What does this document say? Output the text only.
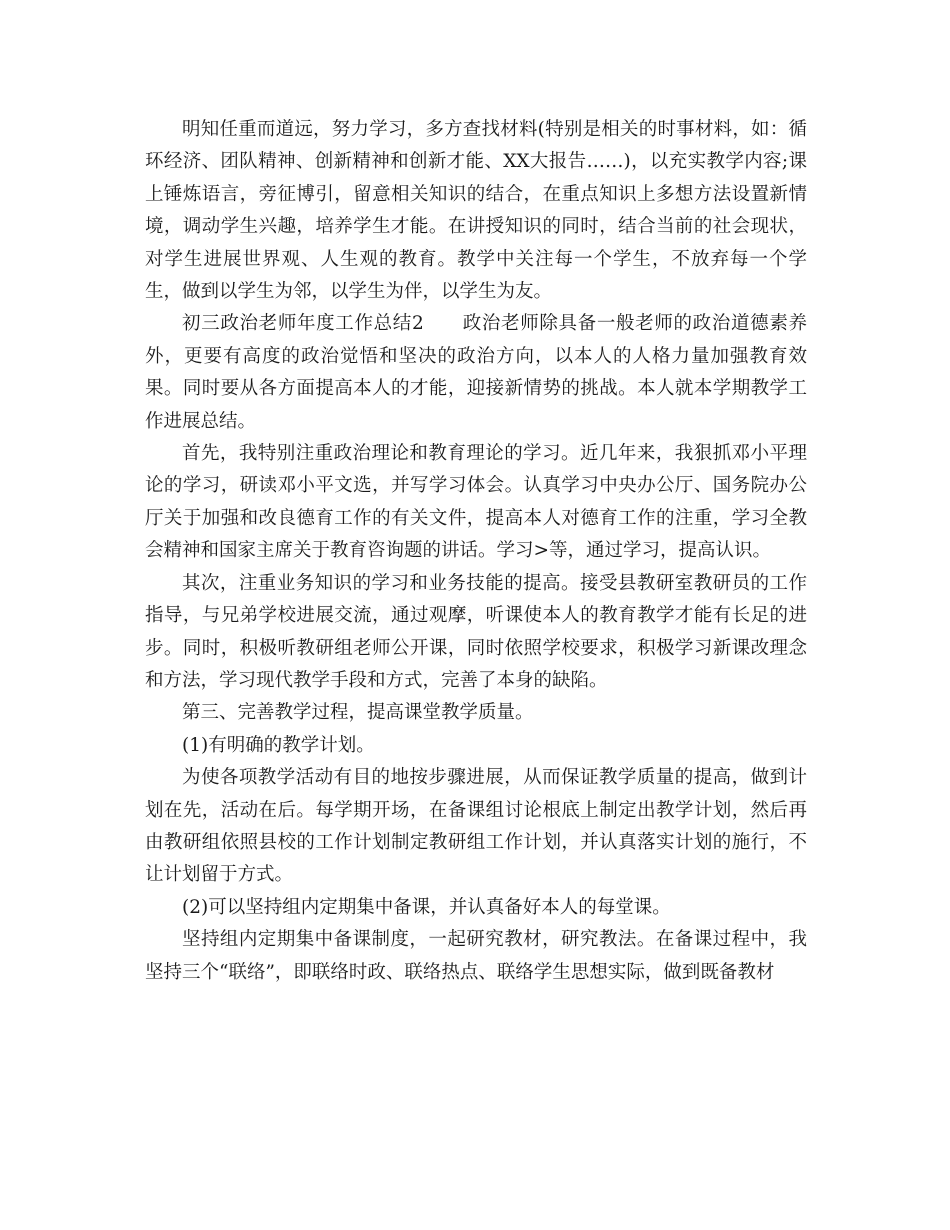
明知任重而道远，努力学习，多方查找材料(特别是相关的时事材料，如：循环经济、团队精神、创新精神和创新才能、XX大报告……)，以充实教学内容;课上锤炼语言，旁征博引，留意相关知识的结合，在重点知识上多想方法设置新情境，调动学生兴趣，培养学生才能。在讲授知识的同时，结合当前的社会现状，对学生进展世界观、人生观的教育。教学中关注每一个学生，不放弃每一个学生，做到以学生为邻，以学生为伴，以学生为友。

初三政治老师年度工作总结2　　政治老师除具备一般老师的政治道德素养外，更要有高度的政治觉悟和坚决的政治方向，以本人的人格力量加强教育效果。同时要从各方面提高本人的才能，迎接新情势的挑战。本人就本学期教学工作进展总结。

首先，我特别注重政治理论和教育理论的学习。近几年来，我狠抓邓小平理论的学习，研读邓小平文选，并写学习体会。认真学习中央办公厅、国务院办公厅关于加强和改良德育工作的有关文件，提高本人对德育工作的注重，学习全教会精神和国家主席关于教育咨询题的讲话。学习>等，通过学习，提高认识。

其次，注重业务知识的学习和业务技能的提高。接受县教研室教研员的工作指导，与兄弟学校进展交流，通过观摩，听课使本人的教育教学才能有长足的进步。同时，积极听教研组老师公开课，同时依照学校要求，积极学习新课改理念和方法，学习现代教学手段和方式，完善了本身的缺陷。

第三、完善教学过程，提高课堂教学质量。

(1)有明确的教学计划。

为使各项教学活动有目的地按步骤进展，从而保证教学质量的提高，做到计划在先，活动在后。每学期开场，在备课组讨论根底上制定出教学计划，然后再由教研组依照县校的工作计划制定教研组工作计划，并认真落实计划的施行，不让计划留于方式。

(2)可以坚持组内定期集中备课，并认真备好本人的每堂课。

坚持组内定期集中备课制度，一起研究教材，研究教法。在备课过程中，我坚持三个“联络”，即联络时政、联络热点、联络学生思想实际，做到既备教材
